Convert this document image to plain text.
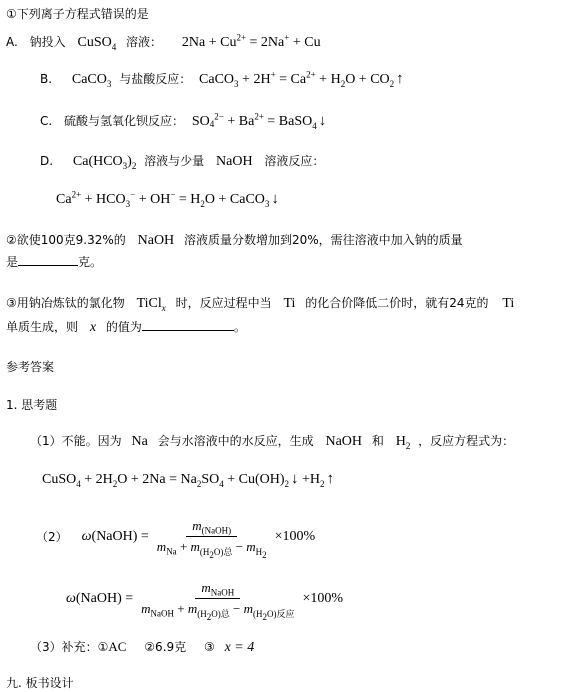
①下列离子方程式错误的是
A. 钠投入 CuSO$_4$ 溶液： $2Na + Cu^{2+} = 2Na^+ + Cu$
B. CaCO$_3$ 与盐酸反应： CaCO$_3$ + $2H^+ = Ca^{2+} + H_2O + CO_2$ ↑
C. 硫酸与氢氧化钡反应： $SO_4^{2-} + Ba^{2+}$ = BaSO$_4$ ↓
D. $Ca(HCO_3)_2$ 溶液与少量 NaOH 溶液反应：
$Ca^{2+} + HCO_3^- + OH^- = H_2O$ + CaCO$_3$ ↓
②欲使100克9.32%的 NaOH 溶液质量分数增加到20%，需往溶液中加入钠的质量
是	克。
③用钠冶炼钛的氯化物 TiCl$_x$ 时，反应过程中当 Ti 的化合价降低二价时，就有24克的 Ti
单质生成，则 x 的值为	。
参考答案
1. 思考题
（1）不能。因为 Na 会与水溶液中的水反应，生成 NaOH 和 $H_2$ ，反应方程式为：
CuSO$_4$ + $2H_2O + 2Na = Na_2SO_4 + Cu(OH)_2$ ↓ $+H_2$ ↑
（2） ω(NaOH) = $\frac{m_{(NaOH)}}{m_{Na} + m_{(H_2O)总} - m_{H_2}} \times 100\%$
ω(NaOH) = $\frac{m_{NaOH}}{m_{NaOH} + m_{(H_2O)总} - m_{(H_2O)反应}} \times 100\%$
（3）补充：①AC ②6.9克 ③ x = 4
九. 板书设计
